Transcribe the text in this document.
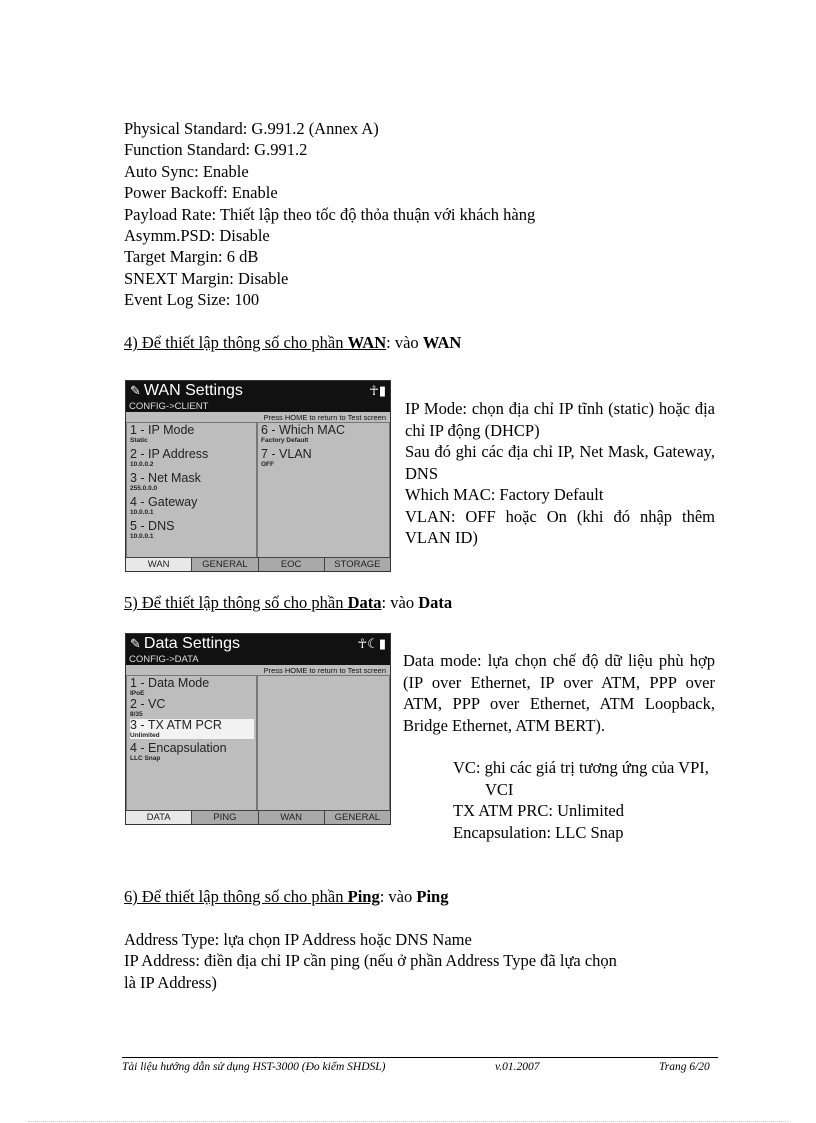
Physical Standard: G.991.2 (Annex A)
Function Standard: G.991.2
Auto Sync: Enable
Power Backoff: Enable
Payload Rate: Thiết lập theo tốc độ thỏa thuận với khách hàng
Asymm.PSD: Disable
Target Margin: 6 dB
SNEXT Margin: Disable
Event Log Size: 100
4) Để thiết lập thông số cho phần WAN: vào WAN
✎ WAN Settings	☥▮
CONFIG->CLIENT
Press HOME to return to Test screen
1 - IP Mode
Static
2 - IP Address
10.0.0.2
3 - Net Mask
255.0.0.0
4 - Gateway
10.0.0.1
5 - DNS
10.0.0.1
6 - Which MAC
Factory Default
7 - VLAN
OFF
WAN	GENERAL	EOC	STORAGE
IP Mode: chọn địa chỉ IP tĩnh (static) hoặc địa chỉ IP động (DHCP)
Sau đó ghi các địa chỉ IP, Net Mask, Gateway, DNS
Which MAC: Factory Default
VLAN: OFF hoặc On (khi đó nhập thêm VLAN ID)
5) Để thiết lập thông số cho phần Data: vào Data
✎ Data Settings	☥☾▮
CONFIG->DATA
Press HOME to return to Test screen
1 - Data Mode
IPoE
2 - VC
8/35
3 - TX ATM PCR
Unlimited
4 - Encapsulation
LLC Snap
DATA	PING	WAN	GENERAL
Data mode: lựa chọn chế độ dữ liệu phù hợp (IP over Ethernet, IP over ATM, PPP over ATM, PPP over Ethernet, ATM Loopback, Bridge Ethernet, ATM BERT).
VC: ghi các giá trị tương ứng của VPI,
VCI
TX ATM PRC: Unlimited
Encapsulation: LLC Snap
6) Để thiết lập thông số cho phần Ping: vào Ping
Address Type: lựa chọn IP Address hoặc DNS Name
IP Address: điền địa chỉ IP cần ping (nếu ở phần Address Type đã lựa chọn
là IP Address)
Tài liệu hướng dẫn sử dụng HST-3000 (Đo kiểm SHDSL)	v.01.2007	Trang 6/20
